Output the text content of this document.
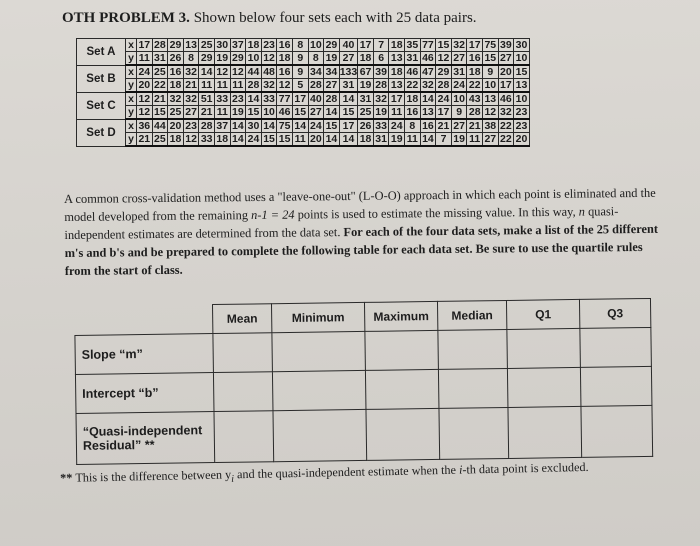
OTH PROBLEM 3. Shown below four sets each with 25 data pairs.
Set A	x	17	28	29	13	25	30	37	18	23	16	8	10	29	40	17	7	18	35	77	15	32	17	75	39	30
	y	11	31	26	8	29	19	29	10	12	18	9	8	19	27	18	6	13	31	46	12	27	16	15	27	10
Set B	x	24	25	16	32	14	12	12	44	48	16	9	34	34	133	67	39	18	46	47	29	31	18	9	20	15
	y	20	22	18	21	11	11	11	28	32	12	5	28	27	31	19	28	13	22	32	28	24	22	10	17	13
Set C	x	12	21	32	32	51	33	23	14	33	77	17	40	28	14	31	32	17	18	14	24	10	43	13	46	10
	y	12	15	25	27	21	11	19	15	10	46	15	27	14	15	25	19	11	16	13	17	9	28	12	32	23
Set D	x	36	44	20	23	28	37	14	30	14	75	14	24	15	17	26	33	24	8	16	21	27	21	38	22	23
	y	21	25	18	12	33	18	14	24	15	15	11	20	14	14	18	31	19	11	14	7	19	11	27	22	20
A common cross-validation method uses a "leave-one-out" (L-O-O) approach in which each point is eliminated and the model developed from the remaining n-1 = 24 points is used to estimate the missing value. In this way, n quasi-independent estimates are determined from the data set. For each of the four data sets, make a list of the 25 different m's and b's and be prepared to complete the following table for each data set. Be sure to use the quartile rules from the start of class.
	Mean	Minimum	Maximum	Median	Q1	Q3
Slope “m”						
Intercept “b”						
“Quasi-independent Residual” **						
** This is the difference between $y_i$ and the quasi-independent estimate when the i-th data point is excluded.
